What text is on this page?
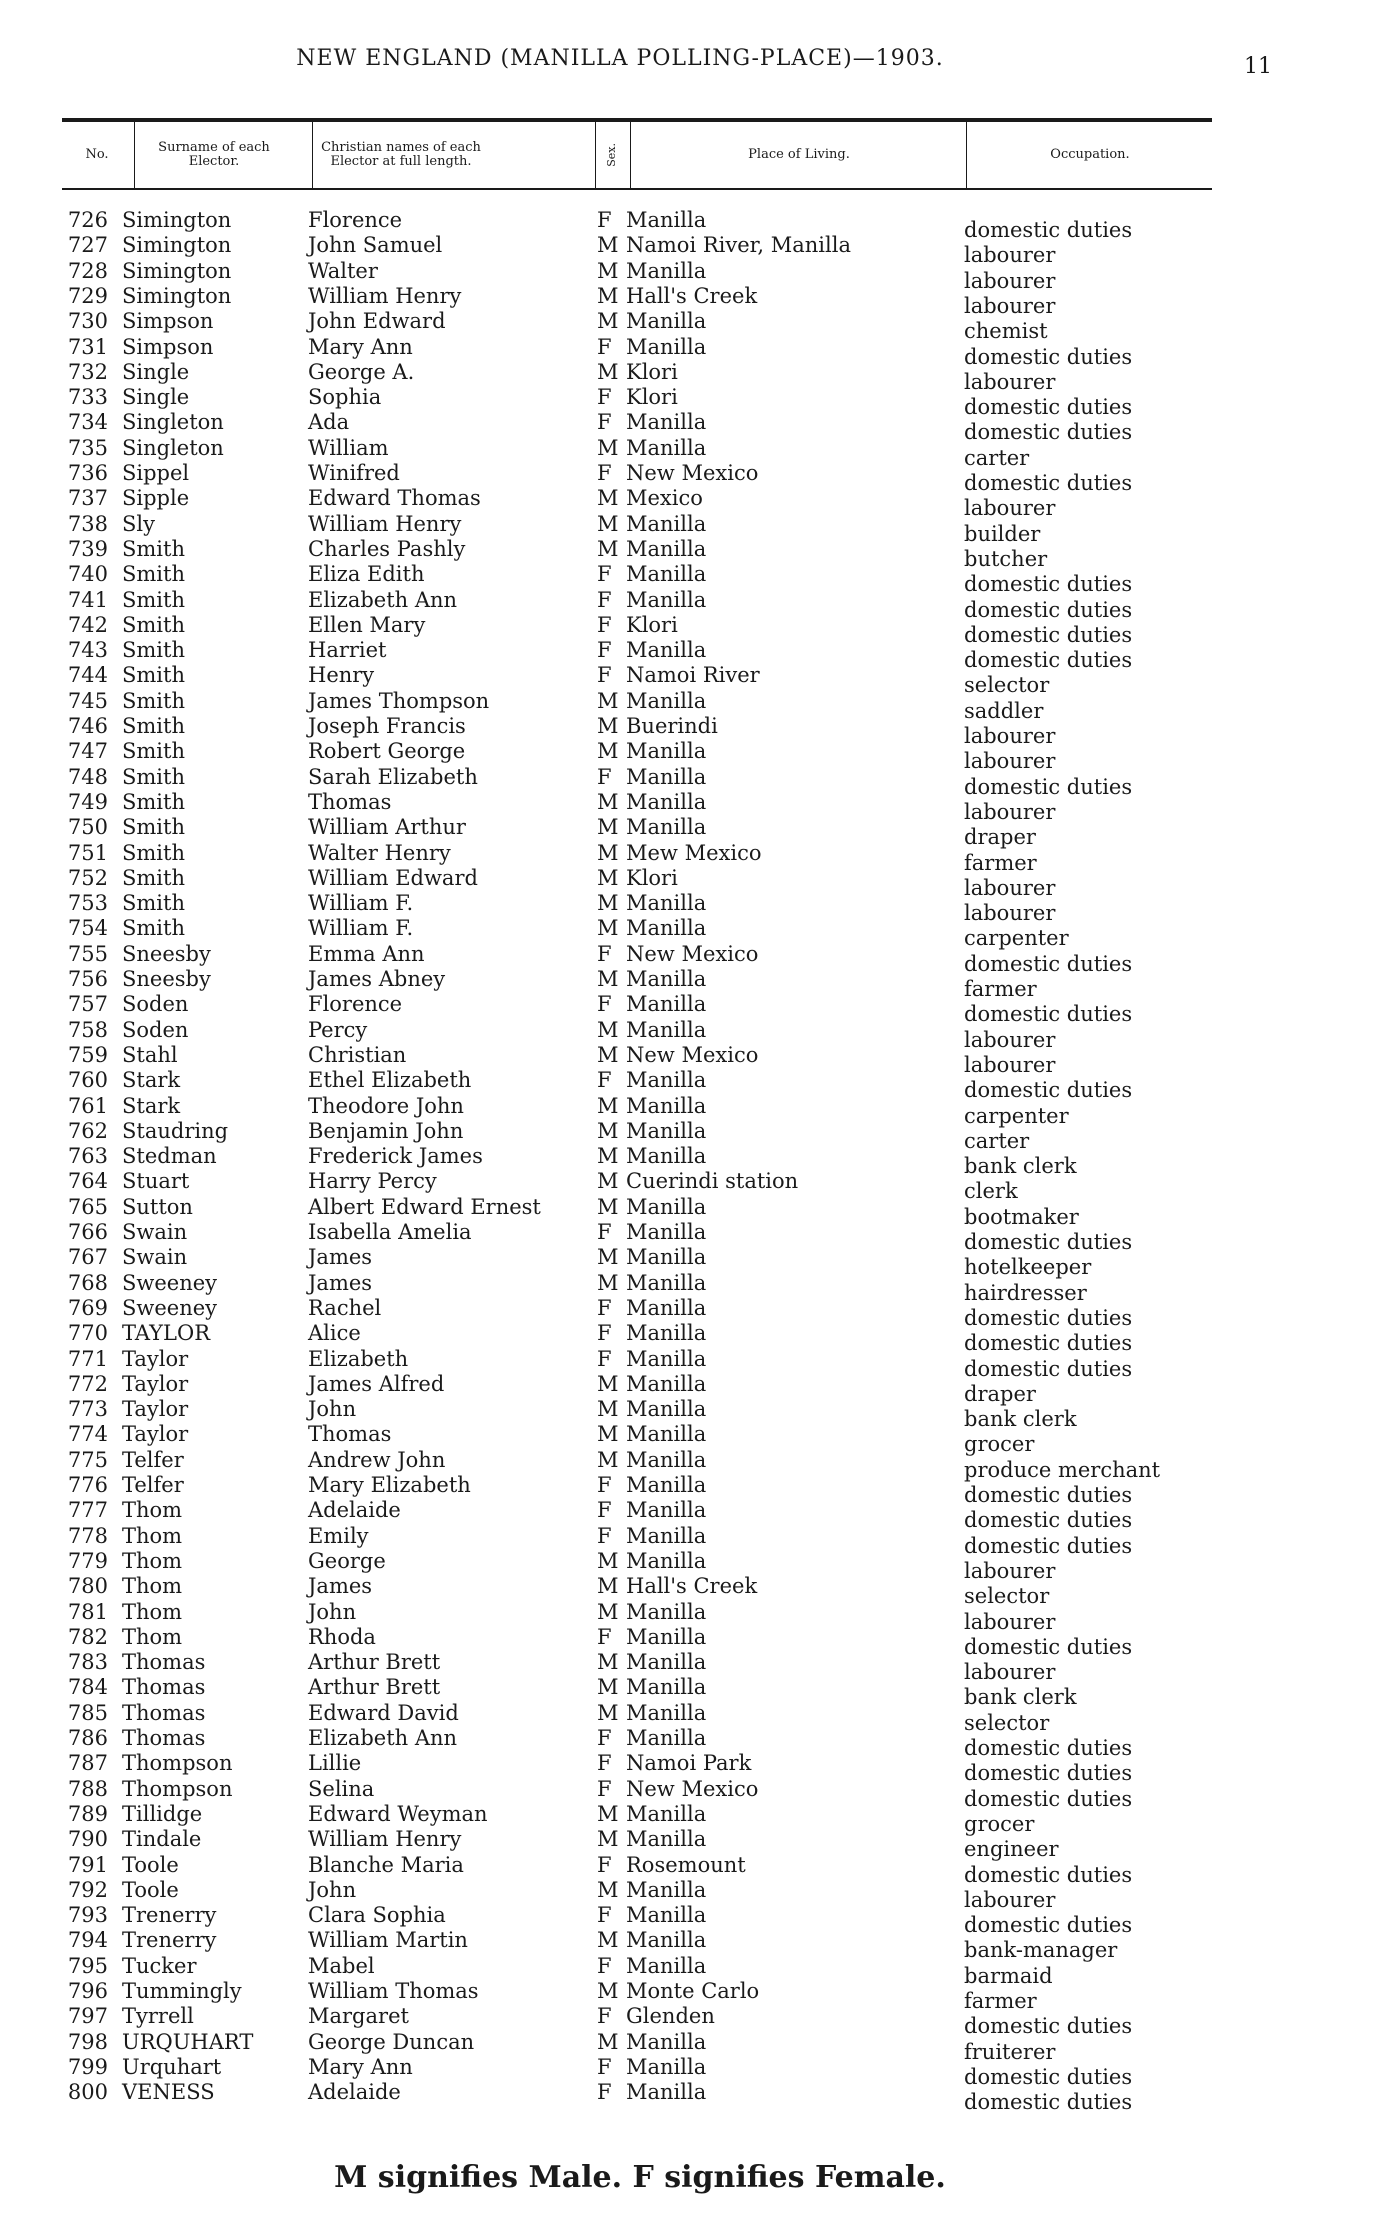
NEW ENGLAND (MANILLA POLLING-PLACE)—1903.	11
No.	Surname of each Elector.
Christian names of each Elector at full length.	Sex.	Place of Living.	Occupation.
726 Simington	Florence	F Manilla	domestic duties
727 Simington	John Samuel	M Namoi River, Manilla	labourer
728 Simington	Walter	M Manilla	labourer
729 Simington	William Henry	M Hall's Creek	labourer
730 Simpson	John Edward	M Manilla	chemist
731 Simpson	Mary Ann	F Manilla	domestic duties
732 Single	George A.	M Klori	labourer
733 Single	Sophia	F Klori	domestic duties
734 Singleton	Ada	F Manilla	domestic duties
735 Singleton	William	M Manilla	carter
736 Sippel	Winifred	F New Mexico	domestic duties
737 Sipple	Edward Thomas	M Mexico	labourer
738 Sly	William Henry	M Manilla	builder
739 Smith	Charles Pashly	M Manilla	butcher
740 Smith	Eliza Edith	F Manilla	domestic duties
741 Smith	Elizabeth Ann	F Manilla	domestic duties
742 Smith	Ellen Mary	F Klori	domestic duties
743 Smith	Harriet	F Manilla	domestic duties
744 Smith	Henry	F Namoi River	selector
745 Smith	James Thompson	M Manilla	saddler
746 Smith	Joseph Francis	M Buerindi	labourer
747 Smith	Robert George	M Manilla	labourer
748 Smith	Sarah Elizabeth	F Manilla	domestic duties
749 Smith	Thomas	M Manilla	labourer
750 Smith	William Arthur	M Manilla	draper
751 Smith	Walter Henry	M Mew Mexico	farmer
752 Smith	William Edward	M Klori	labourer
753 Smith	William F.	M Manilla	labourer
754 Smith	William F.	M Manilla	carpenter
755 Sneesby	Emma Ann	F New Mexico	domestic duties
756 Sneesby	James Abney	M Manilla	farmer
757 Soden	Florence	F Manilla	domestic duties
758 Soden	Percy	M Manilla	labourer
759 Stahl	Christian	M New Mexico	labourer
760 Stark	Ethel Elizabeth	F Manilla	domestic duties
761 Stark	Theodore John	M Manilla	carpenter
762 Staudring	Benjamin John	M Manilla	carter
763 Stedman	Frederick James	M Manilla	bank clerk
764 Stuart	Harry Percy	M Cuerindi station	clerk
765 Sutton	Albert Edward Ernest	M Manilla	bootmaker
766 Swain	Isabella Amelia	F Manilla	domestic duties
767 Swain	James	M Manilla	hotelkeeper
768 Sweeney	James	M Manilla	hairdresser
769 Sweeney	Rachel	F Manilla	domestic duties
770 TAYLOR	Alice	F Manilla	domestic duties
771 Taylor	Elizabeth	F Manilla	domestic duties
772 Taylor	James Alfred	M Manilla	draper
773 Taylor	John	M Manilla	bank clerk
774 Taylor	Thomas	M Manilla	grocer
775 Telfer	Andrew John	M Manilla	produce merchant
776 Telfer	Mary Elizabeth	F Manilla	domestic duties
777 Thom	Adelaide	F Manilla	domestic duties
778 Thom	Emily	F Manilla	domestic duties
779 Thom	George	M Manilla	labourer
780 Thom	James	M Hall's Creek	selector
781 Thom	John	M Manilla	labourer
782 Thom	Rhoda	F Manilla	domestic duties
783 Thomas	Arthur Brett	M Manilla	labourer
784 Thomas	Arthur Brett	M Manilla	bank clerk
785 Thomas	Edward David	M Manilla	selector
786 Thomas	Elizabeth Ann	F Manilla	domestic duties
787 Thompson	Lillie	F Namoi Park	domestic duties
788 Thompson	Selina	F New Mexico	domestic duties
789 Tillidge	Edward Weyman	M Manilla	grocer
790 Tindale	William Henry	M Manilla	engineer
791 Toole	Blanche Maria	F Rosemount	domestic duties
792 Toole	John	M Manilla	labourer
793 Trenerry	Clara Sophia	F Manilla	domestic duties
794 Trenerry	William Martin	M Manilla	bank-manager
795 Tucker	Mabel	F Manilla	barmaid
796 Tummingly	William Thomas	M Monte Carlo	farmer
797 Tyrrell	Margaret	F Glenden	domestic duties
798 URQUHART	George Duncan	M Manilla	fruiterer
799 Urquhart	Mary Ann	F Manilla	domestic duties
800 VENESS	Adelaide	F Manilla	domestic duties
M signifies Male. F signifies Female.
